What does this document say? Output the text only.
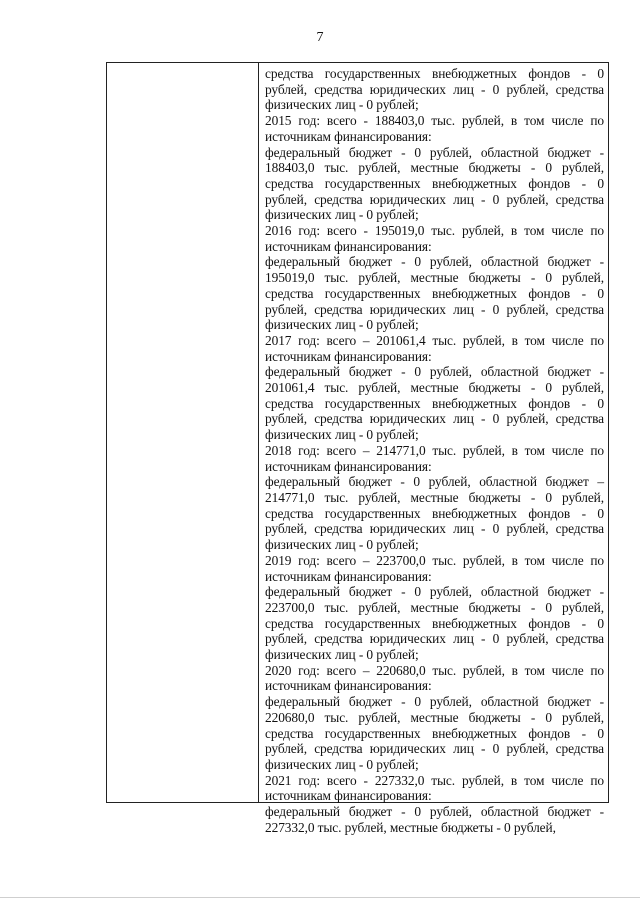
7

средства государственных внебюджетных фондов - 0 рублей, средства юридических лиц - 0 рублей, средства физических лиц - 0 рублей;

2015 год: всего - 188403,0 тыс. рублей, в том числе по источникам финансирования:

федеральный бюджет - 0 рублей, областной бюджет - 188403,0 тыс. рублей, местные бюджеты - 0 рублей, средства государственных внебюджетных фондов - 0 рублей, средства юридических лиц - 0 рублей, средства физических лиц - 0 рублей;

2016 год: всего - 195019,0 тыс. рублей, в том числе по источникам финансирования:

федеральный бюджет - 0 рублей, областной бюджет - 195019,0 тыс. рублей, местные бюджеты - 0 рублей, средства государственных внебюджетных фондов - 0 рублей, средства юридических лиц - 0 рублей, средства физических лиц - 0 рублей;

2017 год: всего – 201061,4 тыс. рублей, в том числе по источникам финансирования:

федеральный бюджет - 0 рублей, областной бюджет - 201061,4 тыс. рублей, местные бюджеты - 0 рублей, средства государственных внебюджетных фондов - 0 рублей, средства юридических лиц - 0 рублей, средства физических лиц - 0 рублей;

2018 год: всего – 214771,0 тыс. рублей, в том числе по источникам финансирования:

федеральный бюджет - 0 рублей, областной бюджет – 214771,0 тыс. рублей, местные бюджеты - 0 рублей, средства государственных внебюджетных фондов - 0 рублей, средства юридических лиц - 0 рублей, средства физических лиц - 0 рублей;

2019 год: всего – 223700,0 тыс. рублей, в том числе по источникам финансирования:

федеральный бюджет - 0 рублей, областной бюджет - 223700,0 тыс. рублей, местные бюджеты - 0 рублей, средства государственных внебюджетных фондов - 0 рублей, средства юридических лиц - 0 рублей, средства физических лиц - 0 рублей;

2020 год: всего – 220680,0 тыс. рублей, в том числе по источникам финансирования:

федеральный бюджет - 0 рублей, областной бюджет - 220680,0 тыс. рублей, местные бюджеты - 0 рублей, средства государственных внебюджетных фондов - 0 рублей, средства юридических лиц - 0 рублей, средства физических лиц - 0 рублей;

2021 год: всего - 227332,0 тыс. рублей, в том числе по источникам финансирования:

федеральный бюджет - 0 рублей, областной бюджет - 227332,0 тыс. рублей, местные бюджеты - 0 рублей,
